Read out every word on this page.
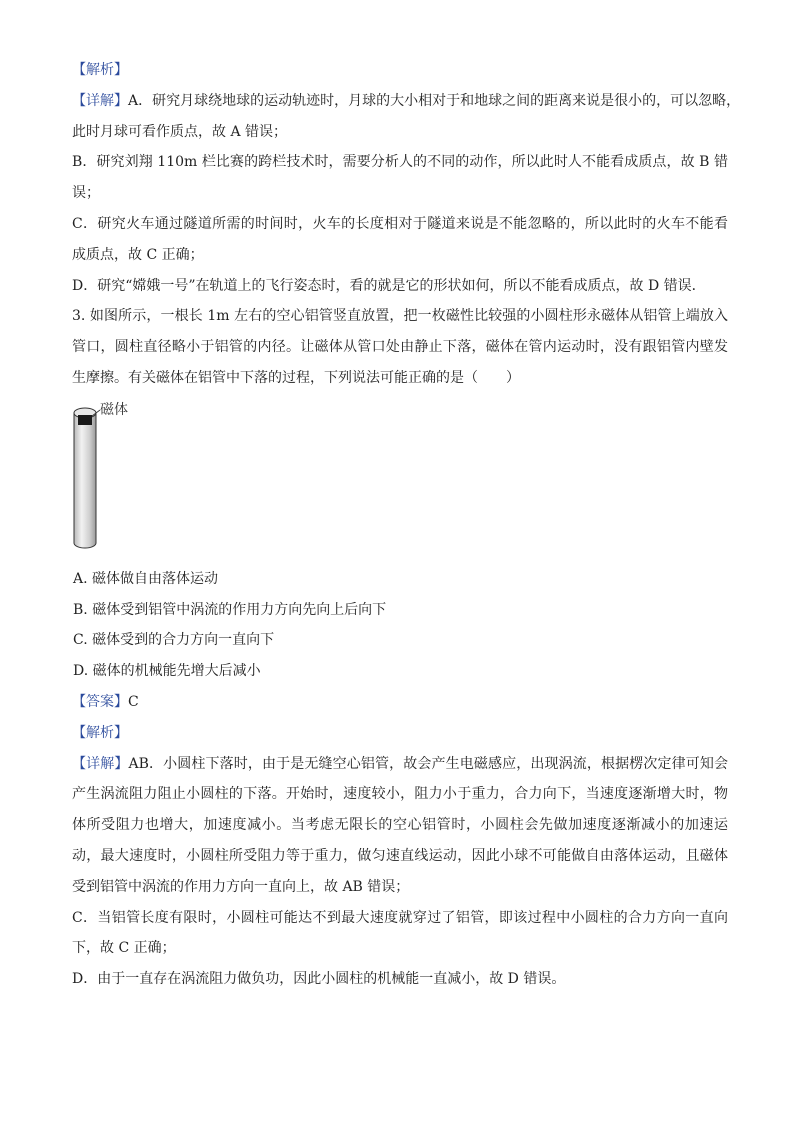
【解析】
【详解】A．研究月球绕地球的运动轨迹时，月球的大小相对于和地球之间的距离来说是很小的，可以忽略，
此时月球可看作质点，故 A 错误；
B．研究刘翔 110m 栏比赛的跨栏技术时，需要分析人的不同的动作，所以此时人不能看成质点，故 B 错
误；
C．研究火车通过隧道所需的时间时，火车的长度相对于隧道来说是不能忽略的，所以此时的火车不能看
成质点，故 C 正确；
D．研究“嫦娥一号”在轨道上的飞行姿态时，看的就是它的形状如何，所以不能看成质点，故 D 错误．
3. 如图所示，一根长 1m 左右的空心铝管竖直放置，把一枚磁性比较强的小圆柱形永磁体从铝管上端放入
管口，圆柱直径略小于铝管的内径。让磁体从管口处由静止下落，磁体在管内运动时，没有跟铝管内壁发
生摩擦。有关磁体在铝管中下落的过程，下列说法可能正确的是（　　）
磁体
A. 磁体做自由落体运动
B. 磁体受到铝管中涡流的作用力方向先向上后向下
C. 磁体受到的合力方向一直向下
D. 磁体的机械能先增大后减小
【答案】C
【解析】
【详解】AB．小圆柱下落时，由于是无缝空心铝管，故会产生电磁感应，出现涡流，根据楞次定律可知会
产生涡流阻力阻止小圆柱的下落。开始时，速度较小，阻力小于重力，合力向下，当速度逐渐增大时，物
体所受阻力也增大，加速度减小。当考虑无限长的空心铝管时，小圆柱会先做加速度逐渐减小的加速运
动，最大速度时，小圆柱所受阻力等于重力，做匀速直线运动，因此小球不可能做自由落体运动，且磁体
受到铝管中涡流的作用力方向一直向上，故 AB 错误；
C．当铝管长度有限时，小圆柱可能达不到最大速度就穿过了铝管，即该过程中小圆柱的合力方向一直向
下，故 C 正确；
D．由于一直存在涡流阻力做负功，因此小圆柱的机械能一直减小，故 D 错误。
